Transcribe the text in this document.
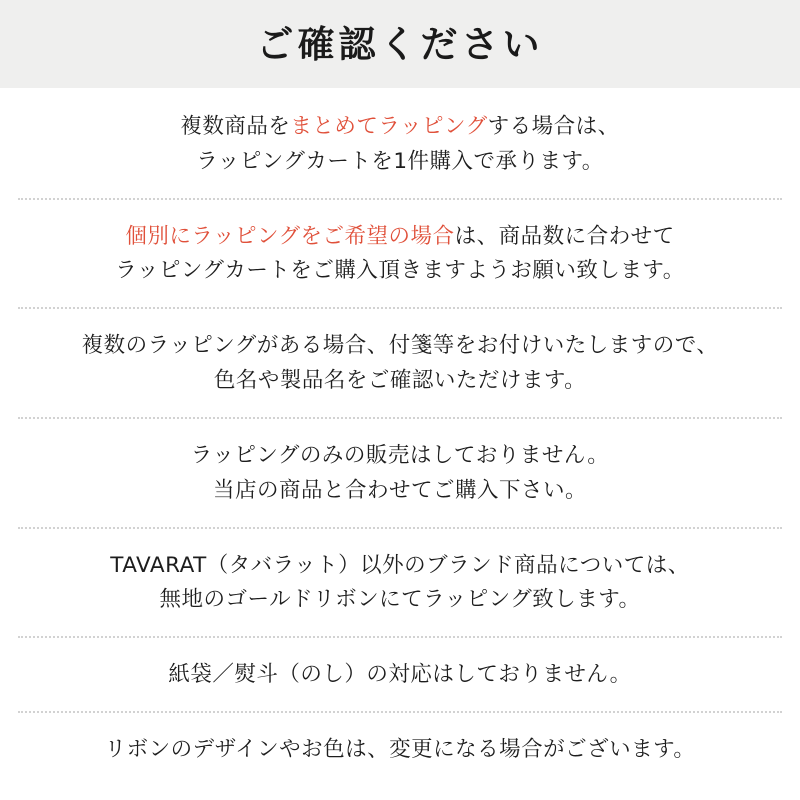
ご確認ください
複数商品をまとめてラッピングする場合は、
ラッピングカートを1件購入で承ります。
個別にラッピングをご希望の場合は、商品数に合わせて
ラッピングカートをご購入頂きますようお願い致します。
複数のラッピングがある場合、付箋等をお付けいたしますので、
色名や製品名をご確認いただけます。
ラッピングのみの販売はしておりません。
当店の商品と合わせてご購入下さい。
TAVARAT（タバラット）以外のブランド商品については、
無地のゴールドリボンにてラッピング致します。
紙袋／熨斗（のし）の対応はしておりません。
リボンのデザインやお色は、変更になる場合がございます。
